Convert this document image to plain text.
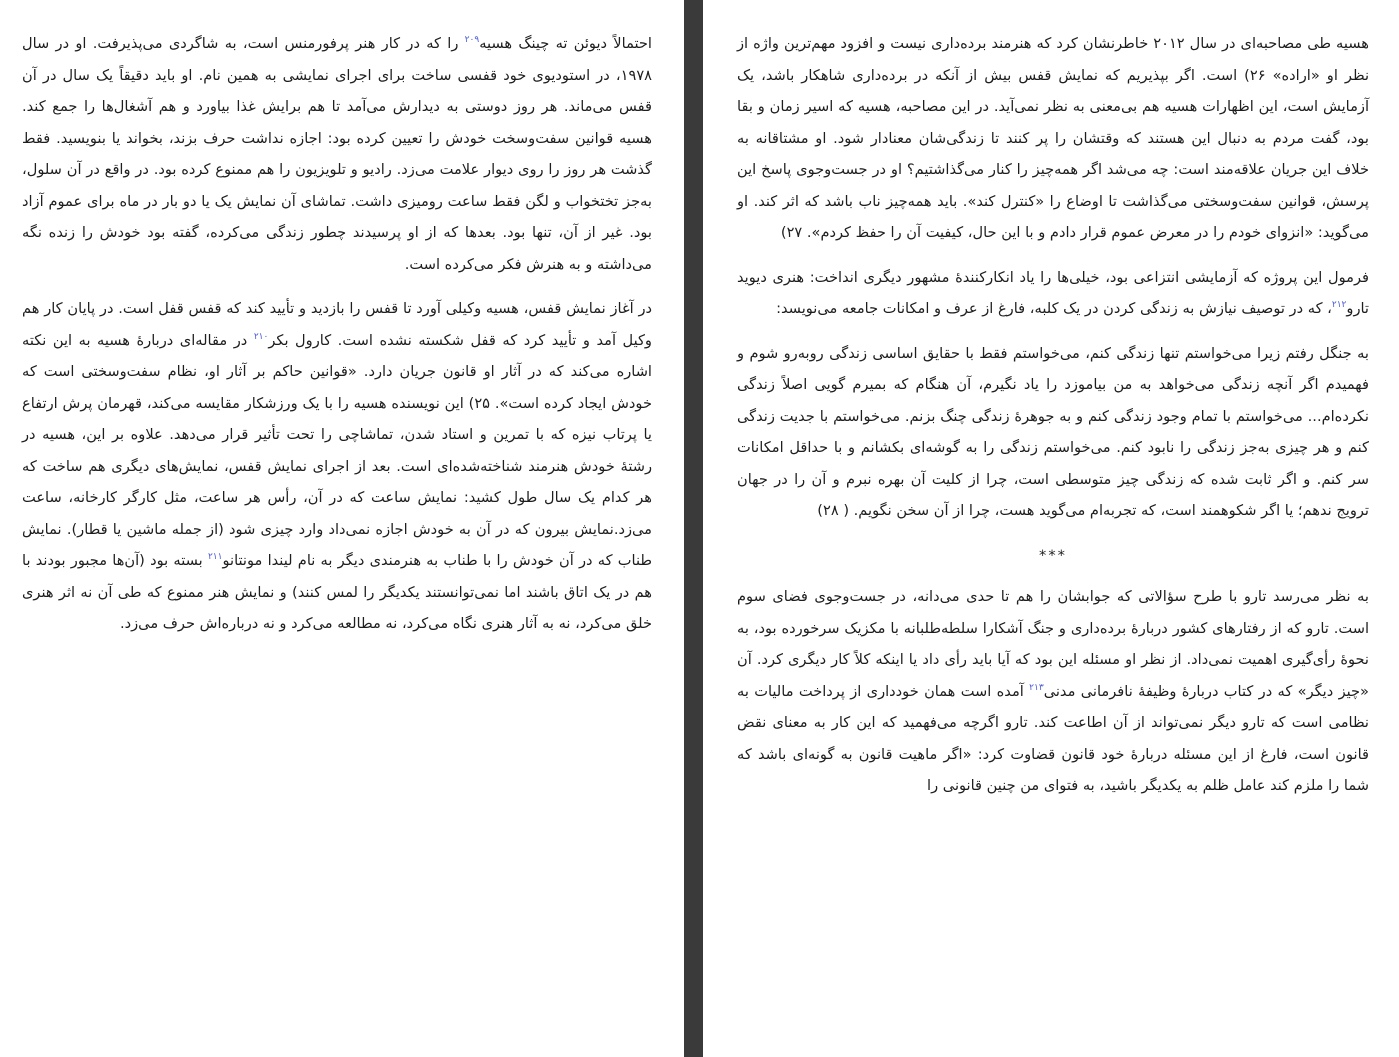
احتمالاً دیوئن ته چینگ هسیه$^{۲۰۹}$ را که در کار هنر پرفورمنس است، به شاگردی می‌پذیرفت. او در سال ۱۹۷۸، در استودیوی خود قفسی ساخت برای اجرای نمایشی به همین نام. او باید دقیقاً یک سال در آن قفس می‌ماند. هر روز دوستی به دیدارش می‌آمد تا هم برایش غذا بیاورد و هم آشغال‌ها را جمع کند. هسیه قوانین سفت‌وسخت خودش را تعیین کرده بود: اجازه نداشت حرف بزند، بخواند یا بنویسید. فقط گذشت هر روز را روی دیوار علامت می‌زد. رادیو و تلویزیون را هم ممنوع کرده بود. در واقع در آن سلول، به‌جز تختخواب و لگن فقط ساعت رومیزی داشت. تماشای آن نمایش یک یا دو بار در ماه برای عموم آزاد بود. غیر از آن، تنها بود. بعدها که از او پرسیدند چطور زندگی می‌کرده، گفته بود خودش را زنده نگه می‌داشته و به هنرش فکر می‌کرده است.

در آغاز نمایش قفس، هسیه وکیلی آورد تا قفس را بازدید و تأیید کند که قفس قفل است. در پایان کار هم وکیل آمد و تأیید کرد که قفل شکسته نشده است. کارول بکر$^{۲۱۰}$ در مقاله‌ای دربارهٔ هسیه به این نکته اشاره می‌کند که در آثار او قانون جریان دارد. «قوانین حاکم بر آثار او، نظام سفت‌وسختی است که خودش ایجاد کرده است». ۲۵) این نویسنده هسیه را با یک ورزشکار مقایسه می‌کند، قهرمان پرش ارتفاع یا پرتاب نیزه که با تمرین و استاد شدن، تماشاچی را تحت تأثیر قرار می‌دهد. علاوه بر این، هسیه در رشتهٔ خودش هنرمند شناخته‌شده‌ای است. بعد از اجرای نمایش قفس، نمایش‌های دیگری هم ساخت که هر کدام یک سال طول کشید: نمایش ساعت که در آن، رأس هر ساعت، مثل کارگر کارخانه، ساعت می‌زد.نمایش بیرون که در آن به خودش اجازه نمی‌داد وارد چیزی شود (از جمله ماشین یا قطار). نمایش طناب که در آن خودش را با طناب به هنرمندی دیگر به نام لیندا مونتانو$^{۲۱۱}$ بسته بود (آن‌ها مجبور بودند با هم در یک اتاق باشند اما نمی‌توانستند یکدیگر را لمس کنند) و نمایش هنر ممنوع که طی آن نه اثر هنری خلق می‌کرد، نه به آثار هنری نگاه می‌کرد، نه مطالعه می‌کرد و نه درباره‌اش حرف می‌زد.

هسیه طی مصاحبه‌ای در سال ۲۰۱۲ خاطرنشان کرد که هنرمند برده‌داری نیست و افزود مهم‌ترین واژه از نظر او «اراده» ۲۶) است. اگر بپذیریم که نمایش قفس بیش از آنکه در برده‌داری شاهکار باشد، یک آزمایش است، این اظهارات هسیه هم بی‌معنی به نظر نمی‌آید. در این مصاحبه، هسیه که اسیر زمان و بقا بود، گفت مردم به دنبال این هستند که وقتشان را پر کنند تا زندگی‌شان معنادار شود. او مشتاقانه به خلاف این جریان علاقه‌مند است: چه می‌شد اگر همه‌چیز را کنار می‌گذاشتیم؟ او در جست‌وجوی پاسخ این پرسش، قوانین سفت‌وسختی می‌گذاشت تا اوضاع را «کنترل کند». باید همه‌چیز ناب باشد که اثر کند. او می‌گوید: «انزوای خودم را در معرض عموم قرار دادم و با این حال، کیفیت آن را حفظ کردم». ۲۷)

فرمول این پروژه که آزمایشی انتزاعی بود، خیلی‌ها را یاد انکارکنندهٔ مشهور دیگری انداخت: هنری دیوید تارو$^{۲۱۲}$، که در توصیف نیازش به زندگی کردن در یک کلبه، فارغ از عرف و امکانات جامعه می‌نویسد:

به جنگل رفتم زیرا می‌خواستم تنها زندگی کنم، می‌خواستم فقط با حقایق اساسی زندگی روبه‌رو شوم و فهمیدم اگر آنچه زندگی می‌خواهد به من بیاموزد را یاد نگیرم، آن هنگام که بمیرم گویی اصلاً زندگی نکرده‌ام... می‌خواستم با تمام وجود زندگی کنم و به جوهرهٔ زندگی چنگ بزنم. می‌خواستم با جدیت زندگی کنم و هر چیزی به‌جز زندگی را نابود کنم. می‌خواستم زندگی را به گوشه‌ای بکشانم و با حداقل امکانات سر کنم. و اگر ثابت شده که زندگی چیز متوسطی است، چرا از کلیت آن بهره نبرم و آن را در جهان ترویج ندهم؛ یا اگر شکوهمند است، که تجربه‌ام می‌گوید هست، چرا از آن سخن نگویم. ( ۲۸)

***

به نظر می‌رسد تارو با طرح سؤالاتی که جوابشان را هم تا حدی می‌دانه، در جست‌وجوی فضای سوم است. تارو که از رفتارهای کشور دربارهٔ برده‌داری و جنگ آشکارا سلطه‌طلبانه با مکزیک سرخورده بود، به نحوهٔ رأی‌گیری اهمیت نمی‌داد. از نظر او مسئله این بود که آیا باید رأی داد یا اینکه کلاً کار دیگری کرد. آن «چیز دیگر» که در کتاب دربارهٔ وظیفهٔ نافرمانی مدنی$^{۲۱۳}$ آمده است همان خودداری از پرداخت مالیات به نظامی است که تارو دیگر نمی‌تواند از آن اطاعت کند. تارو اگرچه می‌فهمید که این کار به معنای نقض قانون است، فارغ از این مسئله دربارهٔ خود قانون قضاوت کرد: «اگر ماهیت قانون به گونه‌ای باشد که شما را ملزم کند عامل ظلم به یکدیگر باشید، به فتوای من چنین قانونی را
